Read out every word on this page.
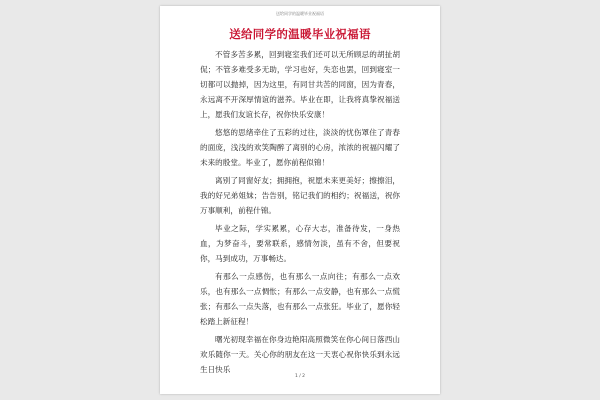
送给同学的温暖毕业祝福语
送给同学的温暖毕业祝福语

不管多苦多累，回到寝室我们还可以无所顾忌的胡扯胡侃；不管多难受多无助，学习也好，失恋也罢，回到寝室一切都可以抛掉，因为这里，有同甘共苦的同窗，因为青春，永远离不开深厚情谊的滋养。毕业在即，让我将真挚祝福送上，愿我们友谊长存，祝你快乐安康！

悠悠的思绪牵住了五彩的过往，淡淡的忧伤罩住了青春的面庞，浅浅的欢笑陶醉了离别的心房，浓浓的祝福闪耀了未来的殷堂。毕业了，愿你前程似锦！

离别了同窗好友；拥拥抱，祝愿未来更美好；擦擦泪，我的好兄弟姐妹；告告别，铭记我们的相约；祝福送，祝你万事顺利，前程什锦。

毕业之际，学实累累，心存大志，准备待发，一身热血，为梦奋斗，要常联系，感情勿淡，虽有不舍，但要祝你，马到成功，万事畅达。

有那么一点感伤，也有那么一点向往；有那么一点欢乐，也有那么一点惆怅；有那么一点安静，也有那么一点慌张；有那么一点失落，也有那么一点张狂。毕业了，愿你轻松踏上新征程！

曙光初现幸福在你身边艳阳高照微笑在你心间日落西山欢乐随你一天。关心你的朋友在这一天衷心祝你快乐到永远生日快乐

1 / 2
